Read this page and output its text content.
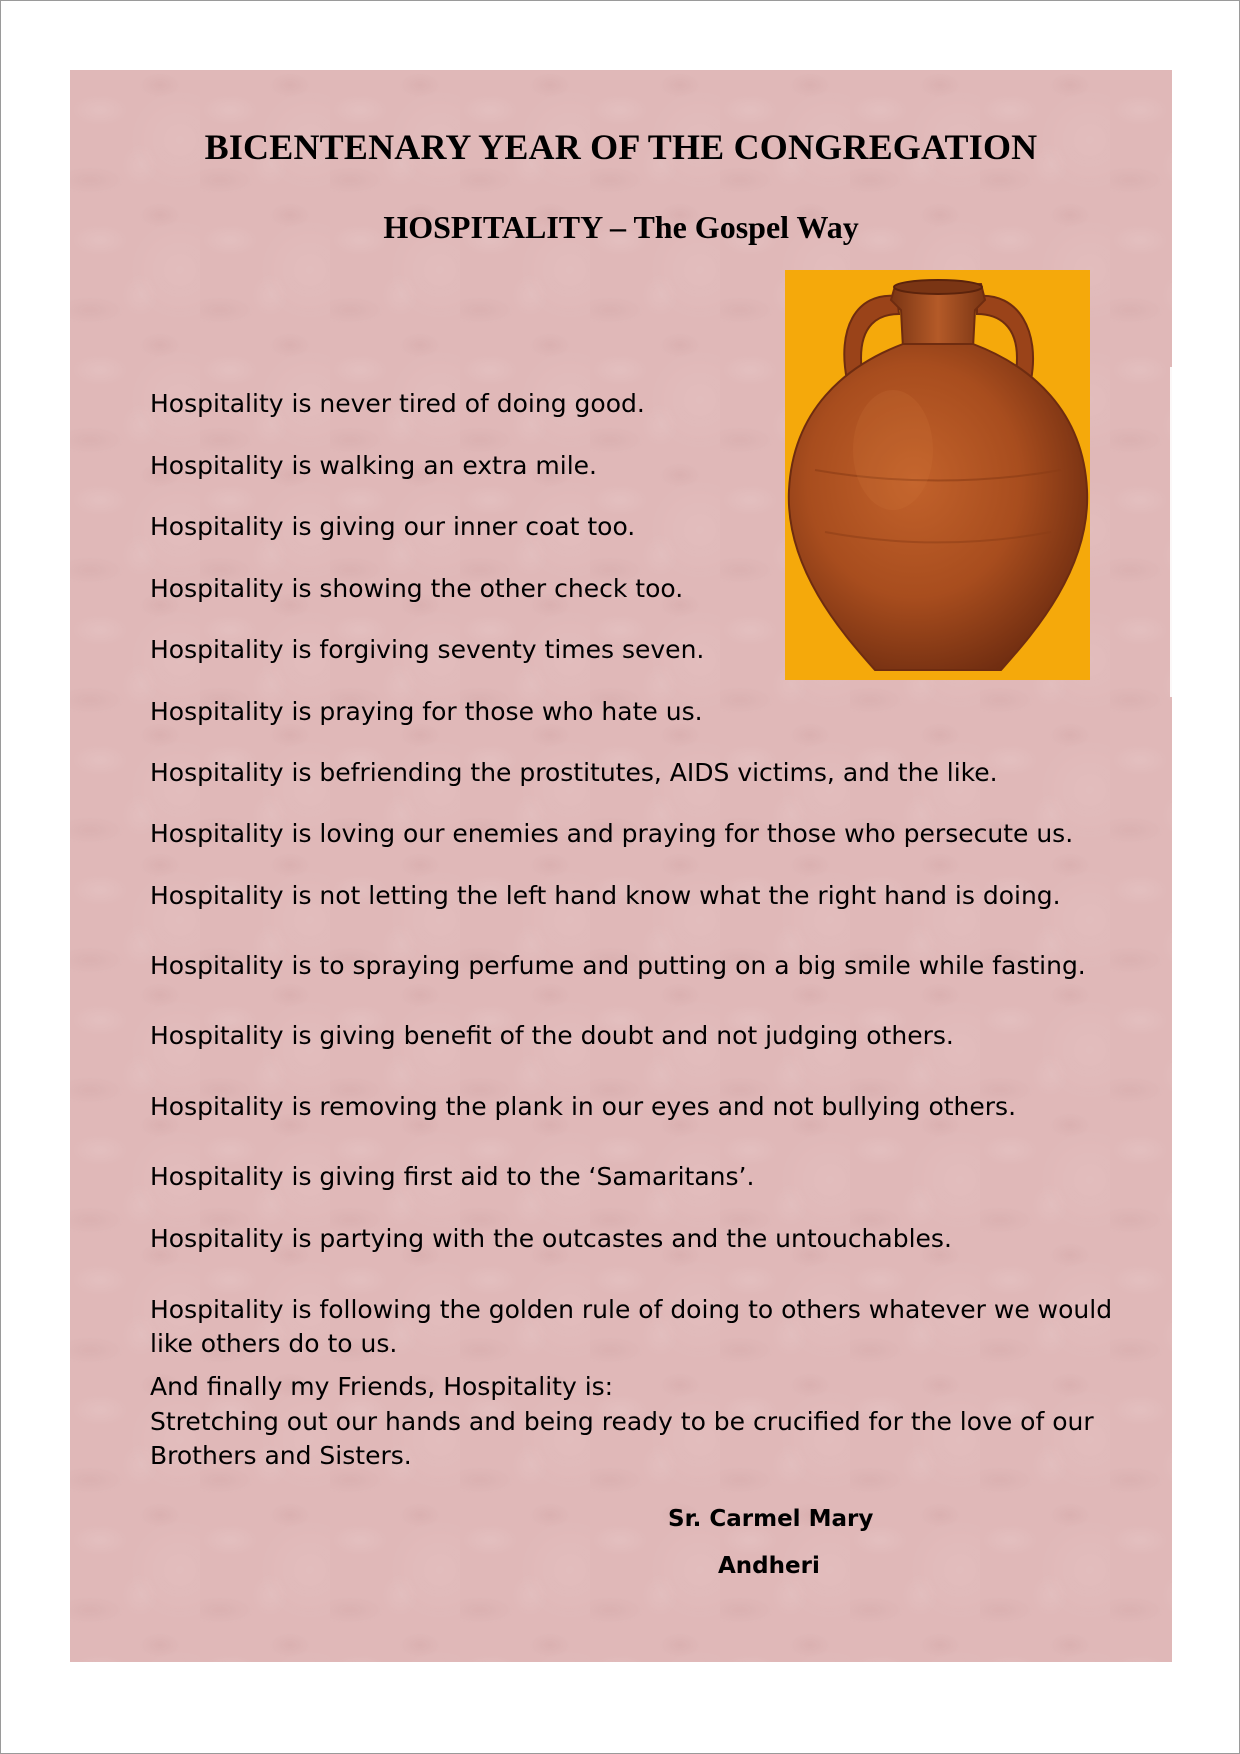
BICENTENARY YEAR OF THE CONGREGATION
HOSPITALITY – The Gospel Way

Hospitality is never tired of doing good.

Hospitality is walking an extra mile.

Hospitality is giving our inner coat too.

Hospitality is showing the other check too.

Hospitality is forgiving seventy times seven.

Hospitality is praying for those who hate us.

Hospitality is befriending the prostitutes, AIDS victims, and the like.

Hospitality is loving our enemies and praying for those who persecute us.

Hospitality is not letting the left hand know what the right hand is doing.

Hospitality is to spraying perfume and putting on a big smile while fasting.

Hospitality is giving benefit of the doubt and not judging others.

Hospitality is removing the plank in our eyes and not bullying others.

Hospitality is giving first aid to the ‘Samaritans’.

Hospitality is partying with the outcastes and the untouchables.

Hospitality is following the golden rule of doing to others whatever we would like others do to us.

And finally my Friends, Hospitality is:

Stretching out our hands and being ready to be crucified for the love of our Brothers and Sisters.

Sr. Carmel Mary

Andheri
